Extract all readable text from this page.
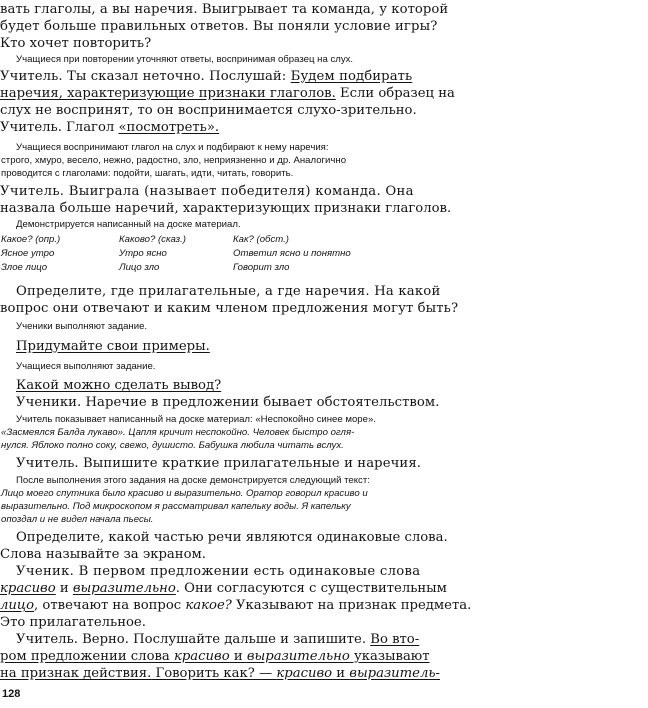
вать глаголы, а вы наречия. Выигрывает та команда, у которой
будет больше правильных ответов. Вы поняли условие игры?
Кто хочет повторить?
Учащиеся при повторении уточняют ответы, воспринимая образец на слух.
Учитель. Ты сказал неточно. Послушай: Будем подбирать
наречия, характеризующие признаки глаголов. Если образец на
слух не воспринят, то он воспринимается слухо-зрительно.
Учитель. Глагол «посмотреть».
Учащиеся воспринимают глагол на слух и подбирают к нему наречия:
строго, хмуро, весело, нежно, радостно, зло, неприязненно и др. Аналогично
проводится с глаголами: подойти, шагать, идти, читать, говорить.
Учитель. Выиграла (называет победителя) команда. Она
назвала больше наречий, характеризующих признаки глаголов.
Демонстрируется написанный на доске материал.
Какое? (опр.)
Ясное утро
Злое лицо
Каково? (сказ.)
Утро ясно
Лицо зло
Как? (обст.)
Ответил ясно и понятно
Говорит зло
Определите, где прилагательные, а где наречия. На какой
вопрос они отвечают и каким членом предложения могут быть?
Ученики выполняют задание.
Придумайте свои примеры.
Учащиеся выполняют задание.
Какой можно сделать вывод?
Ученики. Наречие в предложении бывает обстоятельством.
Учитель показывает написанный на доске материал: «Неспокойно синее море».
«Засмеялся Балда лукаво». Цапля кричит неспокойно. Человек быстро огля-
нулся. Яблоко полно соку, свежо, душисто. Бабушка любила читать вслух.
Учитель. Выпишите краткие прилагательные и наречия.
После выполнения этого задания на доске демонстрируется следующий текст:
Лицо моего спутника было красиво и выразительно. Оратор говорил красиво и
выразительно. Под микроскопом я рассматривал капельку воды. Я капельку
опоздал и не видел начала пьесы.
Определите, какой частью речи являются одинаковые слова.
Слова называйте за экраном.
Ученик. В первом предложении есть одинаковые слова
красиво и выразительно. Они согласуются с существительным
лицо, отвечают на вопрос какое? Указывают на признак предмета.
Это прилагательное.
Учитель. Верно. Послушайте дальше и запишите. Во вто-
ром предложении слова красиво и выразительно указывают
на признак действия. Говорить как? — красиво и выразитель-
128
